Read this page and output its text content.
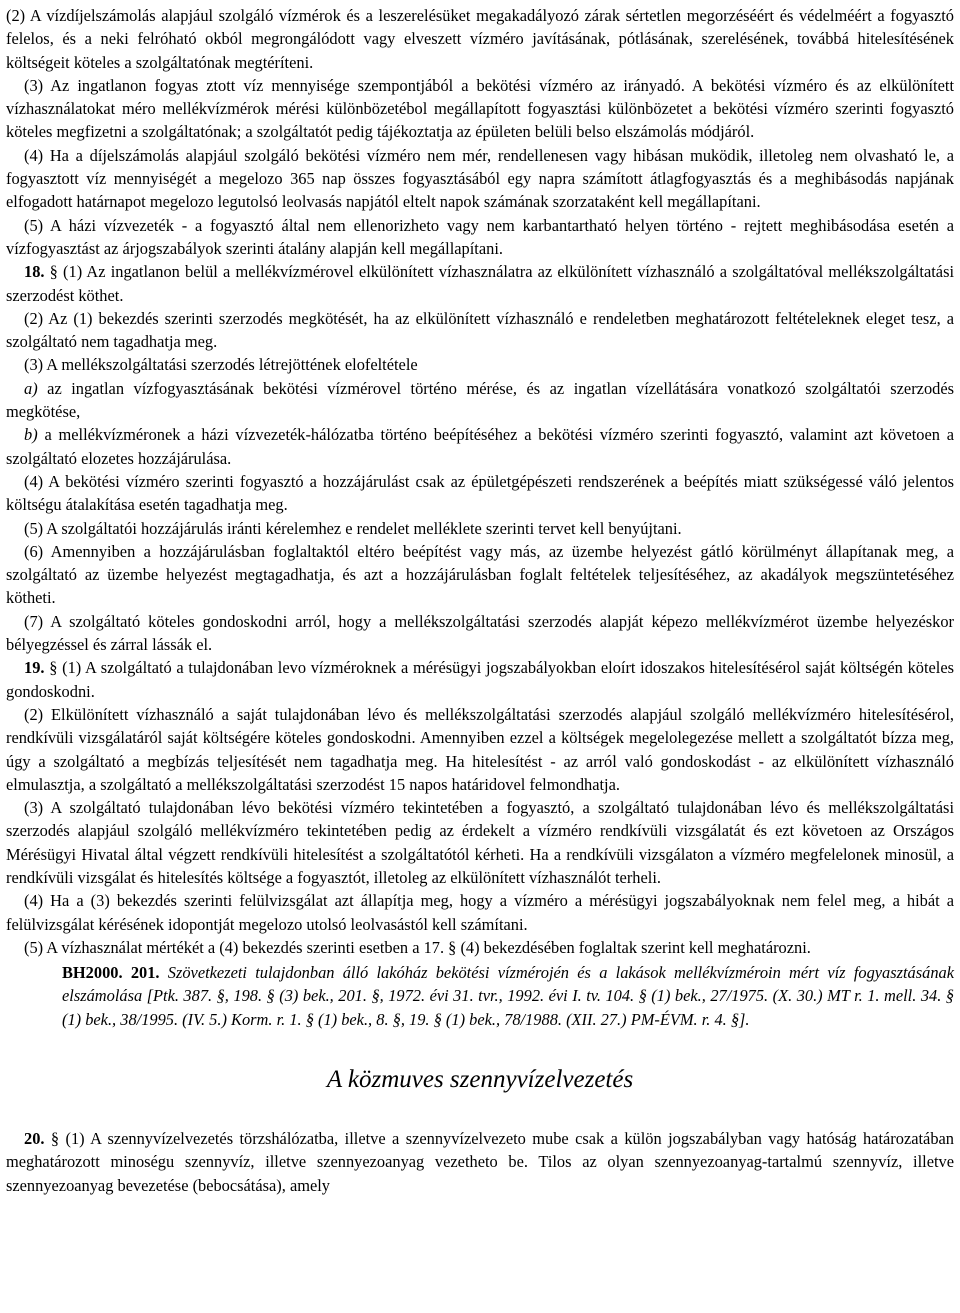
(2) A vízdíjelszámolás alapjául szolgáló vízmérok és a leszerelésüket megakadályozó zárak sértetlen megorzéséért és védelméért a fogyasztó felelos, és a neki felróható okból megrongálódott vagy elveszett vízméro javításának, pótlásának, szerelésének, továbbá hitelesítésének költségeit köteles a szolgáltatónak megtéríteni.

(3) Az ingatlanon fogyas ztott víz mennyisége szempontjából a bekötési vízméro az irányadó. A bekötési vízméro és az elkülönített vízhasználatokat méro mellékvízmérok mérési különbözetébol megállapított fogyasztási különbözetet a bekötési vízméro szerinti fogyasztó köteles megfizetni a szolgáltatónak; a szolgáltatót pedig tájékoztatja az épületen belüli belso elszámolás módjáról.

(4) Ha a díjelszámolás alapjául szolgáló bekötési vízméro nem mér, rendellenesen vagy hibásan muködik, illetoleg nem olvasható le, a fogyasztott víz mennyiségét a megelozo 365 nap összes fogyasztásából egy napra számított átlagfogyasztás és a meghibásodás napjának elfogadott határnapot megelozo legutolsó leolvasás napjától eltelt napok számának szorzataként kell megállapítani.

(5) A házi vízvezeték - a fogyasztó által nem ellenorizheto vagy nem karbantartható helyen történo - rejtett meghibásodása esetén a vízfogyasztást az árjogszabályok szerinti átalány alapján kell megállapítani.

18. § (1) Az ingatlanon belül a mellékvízmérovel elkülönített vízhasználatra az elkülönített vízhasználó a szolgáltatóval mellékszolgáltatási szerzodést köthet.

(2) Az (1) bekezdés szerinti szerzodés megkötését, ha az elkülönített vízhasználó e rendeletben meghatározott feltételeknek eleget tesz, a szolgáltató nem tagadhatja meg.

(3) A mellékszolgáltatási szerzodés létrejöttének elofeltétele

a) az ingatlan vízfogyasztásának bekötési vízmérovel történo mérése, és az ingatlan vízellátására vonatkozó szolgáltatói szerzodés megkötése,

b) a mellékvízméronek a házi vízvezeték-hálózatba történo beépítéséhez a bekötési vízméro szerinti fogyasztó, valamint azt követoen a szolgáltató elozetes hozzájárulása.

(4) A bekötési vízméro szerinti fogyasztó a hozzájárulást csak az épületgépészeti rendszerének a beépítés miatt szükségessé váló jelentos költségu átalakítása esetén tagadhatja meg.

(5) A szolgáltatói hozzájárulás iránti kérelemhez e rendelet melléklete szerinti tervet kell benyújtani.

(6) Amennyiben a hozzájárulásban foglaltaktól eltéro beépítést vagy más, az üzembe helyezést gátló körülményt állapítanak meg, a szolgáltató az üzembe helyezést megtagadhatja, és azt a hozzájárulásban foglalt feltételek teljesítéséhez, az akadályok megszüntetéséhez kötheti.

(7) A szolgáltató köteles gondoskodni arról, hogy a mellékszolgáltatási szerzodés alapját képezo mellékvízmérot üzembe helyezéskor bélyegzéssel és zárral lássák el.

19. § (1) A szolgáltató a tulajdonában levo vízméroknek a mérésügyi jogszabályokban eloírt idoszakos hitelesítésérol saját költségén köteles gondoskodni.

(2) Elkülönített vízhasználó a saját tulajdonában lévo és mellékszolgáltatási szerzodés alapjául szolgáló mellékvízméro hitelesítésérol, rendkívüli vizsgálatáról saját költségére köteles gondoskodni. Amennyiben ezzel a költségek megelolegezése mellett a szolgáltatót bízza meg, úgy a szolgáltató a megbízás teljesítését nem tagadhatja meg. Ha hitelesítést - az arról való gondoskodást - az elkülönített vízhasználó elmulasztja, a szolgáltató a mellékszolgáltatási szerzodést 15 napos határidovel felmondhatja.

(3) A szolgáltató tulajdonában lévo bekötési vízméro tekintetében a fogyasztó, a szolgáltató tulajdonában lévo és mellékszolgáltatási szerzodés alapjául szolgáló mellékvízméro tekintetében pedig az érdekelt a vízméro rendkívüli vizsgálatát és ezt követoen az Országos Mérésügyi Hivatal által végzett rendkívüli hitelesítést a szolgáltatótól kérheti. Ha a rendkívüli vizsgálaton a vízméro megfelelonek minosül, a rendkívüli vizsgálat és hitelesítés költsége a fogyasztót, illetoleg az elkülönített vízhasználót terheli.

(4) Ha a (3) bekezdés szerinti felülvizsgálat azt állapítja meg, hogy a vízméro a mérésügyi jogszabályoknak nem felel meg, a hibát a felülvizsgálat kérésének idopontját megelozo utolsó leolvasástól kell számítani.

(5) A vízhasználat mértékét a (4) bekezdés szerinti esetben a 17. § (4) bekezdésében foglaltak szerint kell meghatározni.

BH2000. 201. Szövetkezeti tulajdonban álló lakóház bekötési vízmérojén és a lakások mellékvízméroin mért víz fogyasztásának elszámolása [Ptk. 387. §, 198. § (3) bek., 201. §, 1972. évi 31. tvr., 1992. évi I. tv. 104. § (1) bek., 27/1975. (X. 30.) MT r. 1. mell. 34. § (1) bek., 38/1995. (IV. 5.) Korm. r. 1. § (1) bek., 8. §, 19. § (1) bek., 78/1988. (XII. 27.) PM-ÉVM. r. 4. §].

A közmuves szennyvízelvezetés

20. § (1) A szennyvízelvezetés törzshálózatba, illetve a szennyvízelvezeto mube csak a külön jogszabályban vagy hatóság határozatában meghatározott minoségu szennyvíz, illetve szennyezoanyag vezetheto be. Tilos az olyan szennyezoanyag-tartalmú szennyvíz, illetve szennyezoanyag bevezetése (bebocsátása), amely
